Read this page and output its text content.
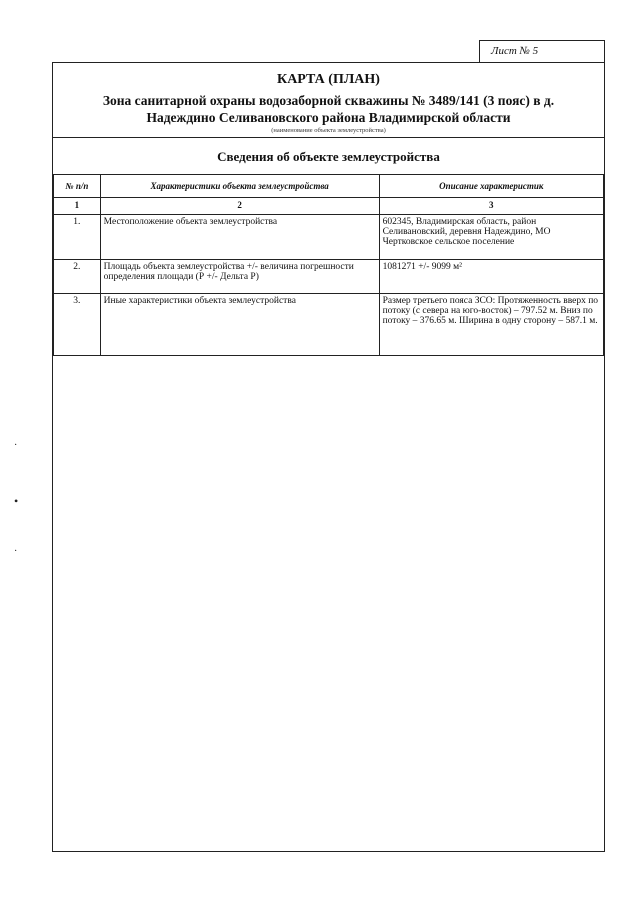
Лист № 5
КАРТА (ПЛАН)
Зона санитарной охраны водозаборной скважины № 3489/141 (3 пояс) в д.
Надеждино Селивановского района Владимирской области
(наименование объекта землеустройства)
Сведения об объекте землеустройства
№ п/п	Характеристики объекта землеустройства	Описание характеристик
1	2	3
1.	Местоположение объекта землеустройства	602345, Владимирская область, район Селивановский, деревня Надеждино, МО Чертковское сельское поселение
2.	Площадь объекта землеустройства +/- величина погрешности определения площади (Р +/- Дельта Р)	1081271 +/- 9099 м²
3.	Иные характеристики объекта землеустройства	Размер третьего пояса ЗСО: Протяженность вверх по потоку (с севера на юго-восток) – 797.52 м. Вниз по потоку – 376.65 м. Ширина в одну сторону – 587.1 м.
·
•
·
